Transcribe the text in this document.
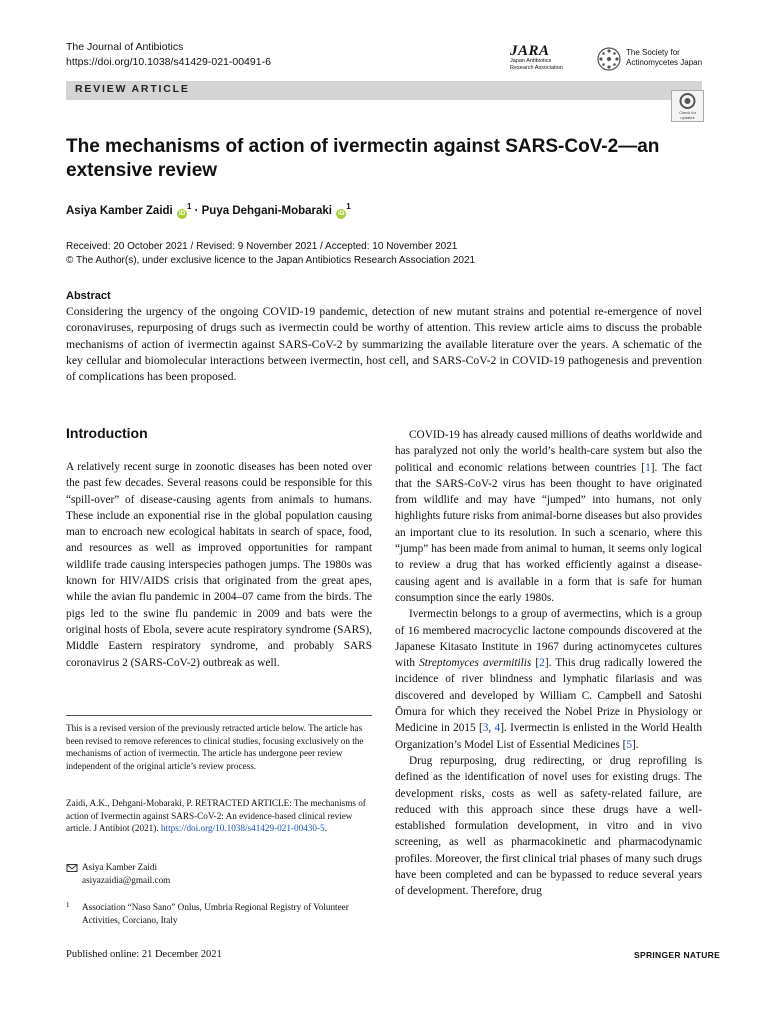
The Journal of Antibiotics
https://doi.org/10.1038/s41429-021-00491-6
JARA
Japan Antibiotics
Research Association
The Society for
Actinomycetes Japan
REVIEW ARTICLE
Check for
updates
The mechanisms of action of ivermectin against SARS-CoV-2—an extensive review
Asiya Kamber Zaidi $iD^1$ · Puya Dehgani-Mobaraki $iD^1$
Received: 20 October 2021 / Revised: 9 November 2021 / Accepted: 10 November 2021
© The Author(s), under exclusive licence to the Japan Antibiotics Research Association 2021
Abstract
Considering the urgency of the ongoing COVID-19 pandemic, detection of new mutant strains and potential re-emergence of novel coronaviruses, repurposing of drugs such as ivermectin could be worthy of attention. This review article aims to discuss the probable mechanisms of action of ivermectin against SARS-CoV-2 by summarizing the available literature over the years. A schematic of the key cellular and biomolecular interactions between ivermectin, host cell, and SARS-CoV-2 in COVID-19 pathogenesis and prevention of complications has been proposed.
Introduction

A relatively recent surge in zoonotic diseases has been noted over the past few decades. Several reasons could be responsible for this “spill-over” of disease-causing agents from animals to humans. These include an exponential rise in the global population causing man to encroach new ecological habitats in search of space, food, and resources as well as improved opportunities for rampant wildlife trade causing interspecies pathogen jumps. The 1980s was known for HIV/AIDS crisis that originated from the great apes, while the avian flu pandemic in 2004–07 came from the birds. The pigs led to the swine flu pandemic in 2009 and bats were the original hosts of Ebola, severe acute respiratory syndrome (SARS), Middle Eastern respiratory syndrome, and probably SARS coronavirus 2 (SARS-CoV-2) outbreak as well.

COVID-19 has already caused millions of deaths worldwide and has paralyzed not only the world’s health-care system but also the political and economic relations between countries [1]. The fact that the SARS-CoV-2 virus has been thought to have originated from wildlife and may have “jumped” into humans, not only highlights future risks from animal-borne diseases but also provides an important clue to its resolution. In such a scenario, where this “jump” has been made from animal to human, it seems only logical to review a drug that has worked efficiently against a disease-causing agent and is available in a form that is safe for human consumption since the early 1980s.

Ivermectin belongs to a group of avermectins, which is a group of 16 membered macrocyclic lactone compounds discovered at the Japanese Kitasato Institute in 1967 during actinomycetes cultures with Streptomyces avermitilis [2]. This drug radically lowered the incidence of river blindness and lymphatic filariasis and was discovered and developed by William C. Campbell and Satoshi Ōmura for which they received the Nobel Prize in Physiology or Medicine in 2015 [3, 4]. Ivermectin is enlisted in the World Health Organization’s Model List of Essential Medicines [5].

Drug repurposing, drug redirecting, or drug reprofiling is defined as the identification of novel uses for existing drugs. The development risks, costs as well as safety-related failure, are reduced with this approach since these drugs have a well-established formulation development, in vitro and in vivo screening, as well as pharmacokinetic and pharmacodynamic profiles. Moreover, the first clinical trial phases of many such drugs have been completed and can be bypassed to reduce several years of development. Therefore, drug

This is a revised version of the previously retracted article below. The article has been revised to remove references to clinical studies, focusing exclusively on the mechanisms of action of ivermectin. The article has undergone peer review independent of the original article’s review process.
Zaidi, A.K., Dehgani-Mobaraki, P. RETRACTED ARTICLE: The mechanisms of action of Ivermectin against SARS-CoV-2: An evidence-based clinical review article. J Antibiot (2021). https://doi.org/10.1038/s41429-021-00430-5.
Asiya Kamber Zaidi
asiyazaidia@gmail.com
1	Association “Naso Sano” Onlus, Umbria Regional Registry of Volunteer Activities, Corciano, Italy
Published online: 21 December 2021	SPRINGER NATURE
